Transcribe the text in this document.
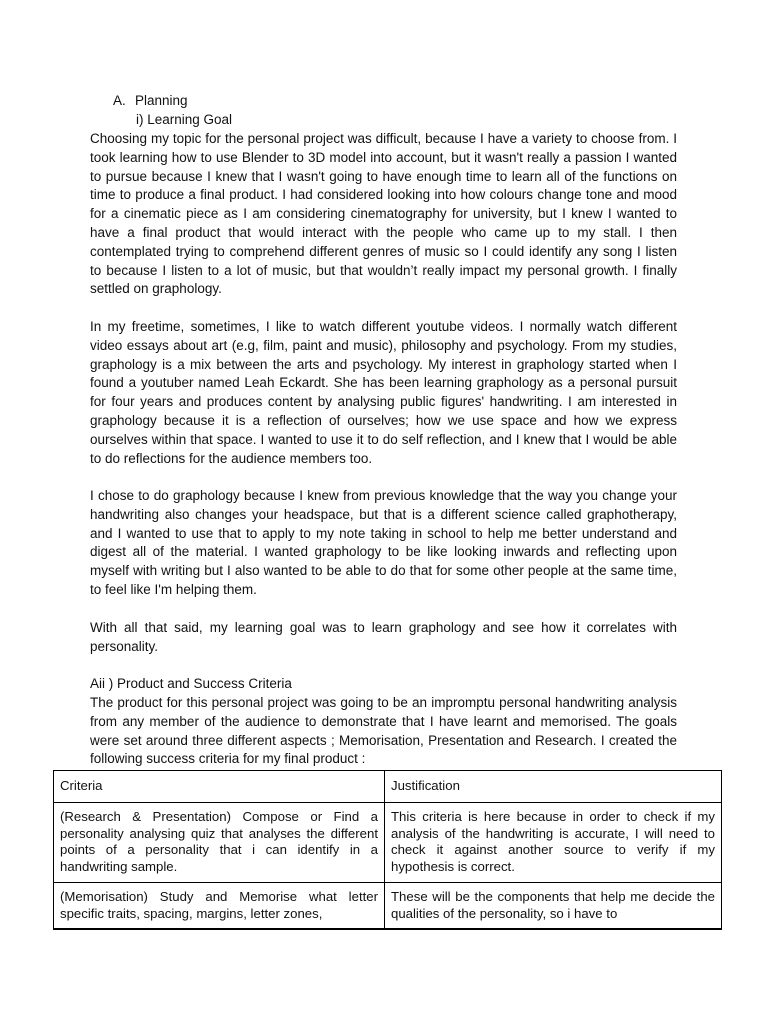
A. Planning
i) Learning Goal
Choosing my topic for the personal project was difficult, because I have a variety to choose from. I took learning how to use Blender to 3D model into account, but it wasn't really a passion I wanted to pursue because I knew that I wasn't going to have enough time to learn all of the functions on time to produce a final product. I had considered looking into how colours change tone and mood for a cinematic piece as I am considering cinematography for university, but I knew I wanted to have a final product that would interact with the people who came up to my stall. I then contemplated trying to comprehend different genres of music so I could identify any song I listen to because I listen to a lot of music, but that wouldn’t really impact my personal growth. I finally settled on graphology.
In my freetime, sometimes, I like to watch different youtube videos. I normally watch different video essays about art (e.g, film, paint and music), philosophy and psychology. From my studies, graphology is a mix between the arts and psychology. My interest in graphology started when I found a youtuber named Leah Eckardt. She has been learning graphology as a personal pursuit for four years and produces content by analysing public figures' handwriting. I am interested in graphology because it is a reflection of ourselves; how we use space and how we express ourselves within that space. I wanted to use it to do self reflection, and I knew that I would be able to do reflections for the audience members too.
I chose to do graphology because I knew from previous knowledge that the way you change your handwriting also changes your headspace, but that is a different science called graphotherapy, and I wanted to use that to apply to my note taking in school to help me better understand and digest all of the material. I wanted graphology to be like looking inwards and reflecting upon myself with writing but I also wanted to be able to do that for some other people at the same time, to feel like I'm helping them.
With all that said, my learning goal was to learn graphology and see how it correlates with personality.
Aii ) Product and Success Criteria
The product for this personal project was going to be an impromptu personal handwriting analysis from any member of the audience to demonstrate that I have learnt and memorised. The goals were set around three different aspects ; Memorisation, Presentation and Research. I created the following success criteria for my final product :
Criteria	Justification
(Research & Presentation) Compose or Find a personality analysing quiz that analyses the different points of a personality that i can identify in a handwriting sample.	This criteria is here because in order to check if my analysis of the handwriting is accurate, I will need to check it against another source to verify if my hypothesis is correct.

(Memorisation) Study and Memorise what letter specific traits, spacing, margins, letter zones,	These will be the components that help me decide the qualities of the personality, so i have to
